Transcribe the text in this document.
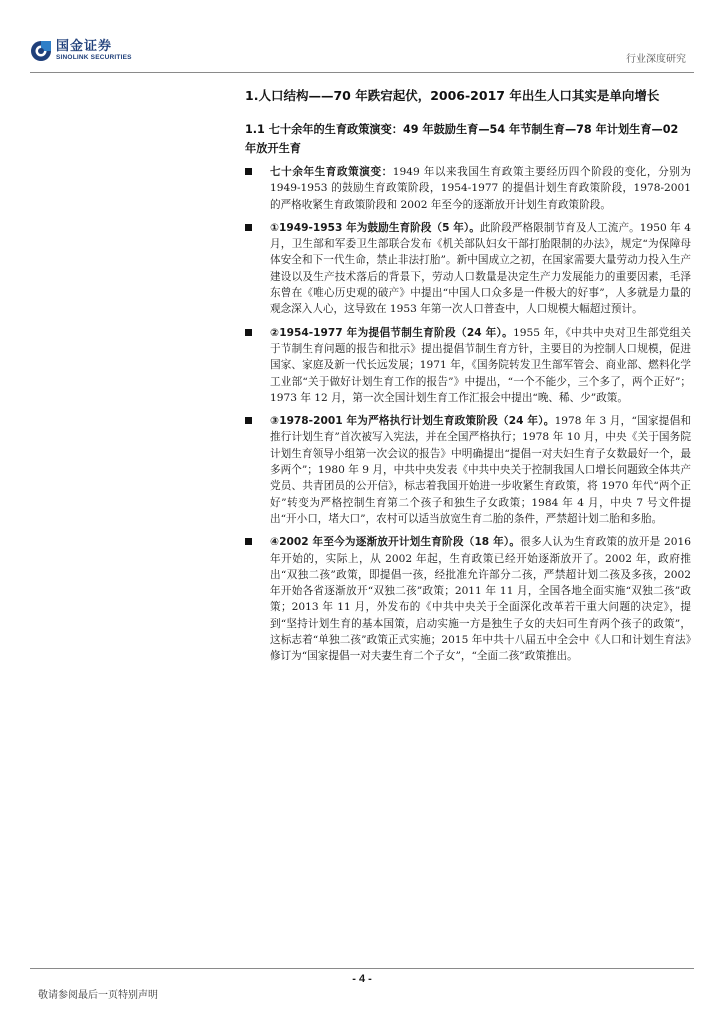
国金证券
SINOLINK SECURITIES	行业深度研究
1.人口结构——70 年跌宕起伏，2006-2017 年出生人口其实是单向增长
1.1 七十余年的生育政策演变：49 年鼓励生育—54 年节制生育—78 年计划生育—02 年放开生育
七十余年生育政策演变：1949 年以来我国生育政策主要经历四个阶段的变化，分别为 1949-1953 的鼓励生育政策阶段，1954-1977 的提倡计划生育政策阶段，1978-2001 的严格收紧生育政策阶段和 2002 年至今的逐渐放开计划生育政策阶段。
①1949-1953 年为鼓励生育阶段（5 年）。此阶段严格限制节育及人工流产。1950 年 4 月，卫生部和军委卫生部联合发布《机关部队妇女干部打胎限制的办法》，规定“为保障母体安全和下一代生命，禁止非法打胎”。新中国成立之初，在国家需要大量劳动力投入生产建设以及生产技术落后的背景下，劳动人口数量是决定生产力发展能力的重要因素，毛泽东曾在《唯心历史观的破产》中提出“中国人口众多是一件极大的好事”，人多就是力量的观念深入人心，这导致在 1953 年第一次人口普查中，人口规模大幅超过预计。
②1954-1977 年为提倡节制生育阶段（24 年）。1955 年，《中共中央对卫生部党组关于节制生育问题的报告和批示》提出提倡节制生育方针，主要目的为控制人口规模，促进国家、家庭及新一代长远发展；1971 年，《国务院转发卫生部军管会、商业部、燃料化学工业部“关于做好计划生育工作的报告”》中提出，“一个不能少，三个多了，两个正好”；1973 年 12 月，第一次全国计划生育工作汇报会中提出“晚、稀、少”政策。
③1978-2001 年为严格执行计划生育政策阶段（24 年）。1978 年 3 月，“国家提倡和推行计划生育”首次被写入宪法，并在全国严格执行；1978 年 10 月，中央《关于国务院计划生育领导小组第一次会议的报告》中明确提出“提倡一对夫妇生育子女数最好一个，最多两个”；1980 年 9 月，中共中央发表《中共中央关于控制我国人口增长问题致全体共产党员、共青团员的公开信》，标志着我国开始进一步收紧生育政策，将 1970 年代“两个正好”转变为严格控制生育第二个孩子和独生子女政策；1984 年 4 月，中央 7 号文件提出“开小口，堵大口”，农村可以适当放宽生育二胎的条件，严禁超计划二胎和多胎。
④2002 年至今为逐渐放开计划生育阶段（18 年）。很多人认为生育政策的放开是 2016 年开始的，实际上，从 2002 年起，生育政策已经开始逐渐放开了。2002 年，政府推出“双独二孩”政策，即提倡一孩，经批准允许部分二孩，严禁超计划二孩及多孩，2002 年开始各省逐渐放开“双独二孩”政策；2011 年 11 月，全国各地全面实施“双独二孩”政策；2013 年 11 月，外发布的《中共中央关于全面深化改革若干重大问题的决定》，提到“坚持计划生育的基本国策，启动实施一方是独生子女的夫妇可生育两个孩子的政策”，这标志着“单独二孩”政策正式实施；2015 年中共十八届五中全会中《人口和计划生育法》修订为“国家提倡一对夫妻生育二个子女”，“全面二孩”政策推出。
- 4 -
敬请参阅最后一页特别声明
